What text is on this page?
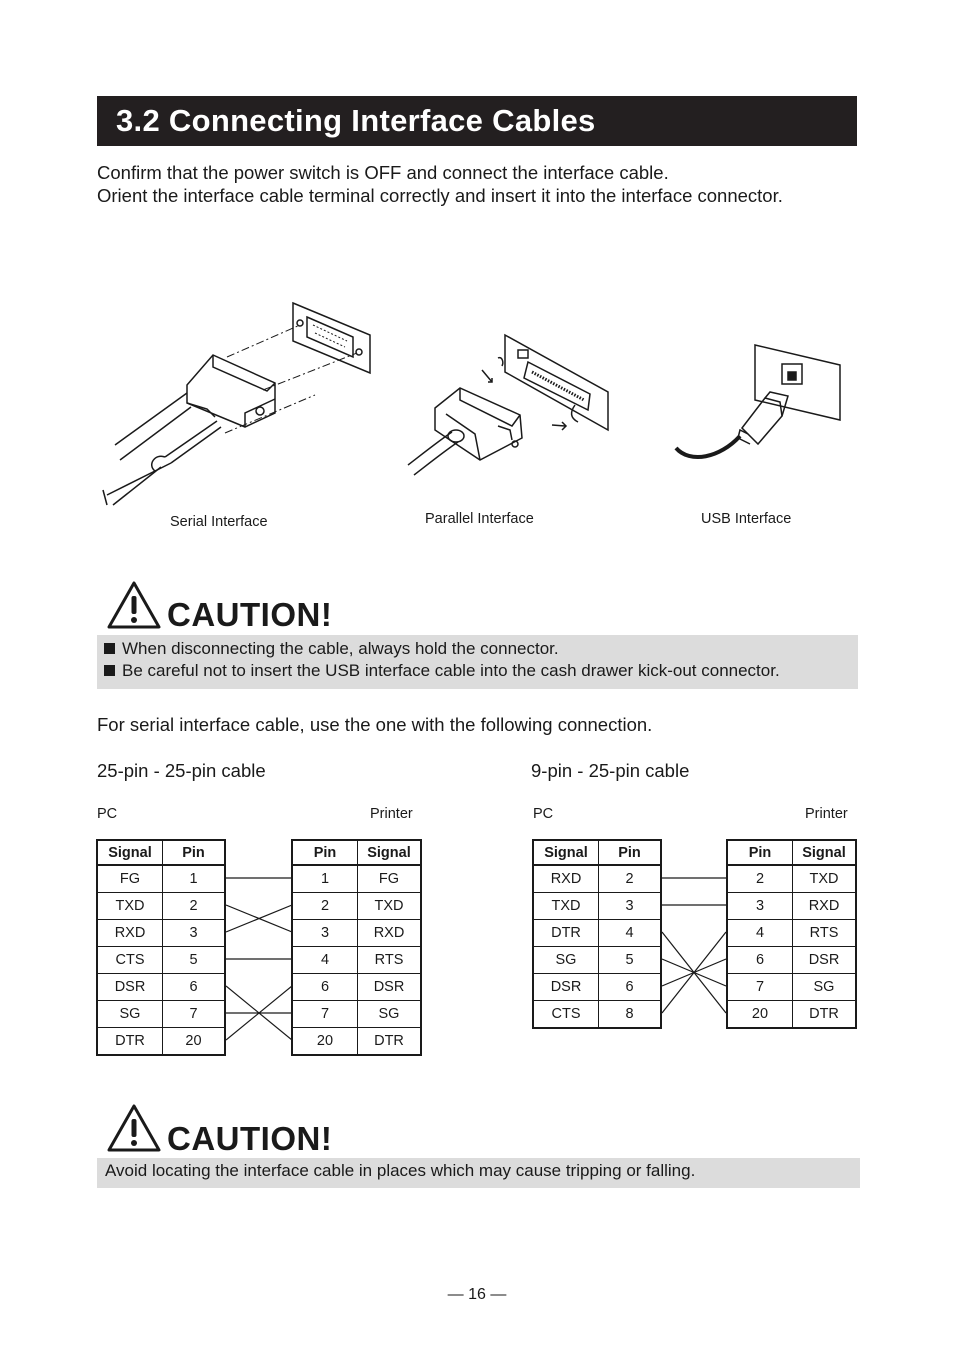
3.2 Connecting Interface Cables

Confirm that the power switch is OFF and connect the interface cable.

Orient the interface cable terminal correctly and insert it into the interface connector.

Serial Interface	Parallel Interface	USB Interface
CAUTION!
When disconnecting the cable, always hold the connector.
Be careful not to insert the USB interface cable into the cash drawer kick-out connector.
For serial interface cable, use the one with the following connection.
25-pin - 25-pin cable
PC	Printer
Signal	Pin
FG	1
TXD	2
RXD	3
CTS	5
DSR	6
SG	7
DTR	20
Pin	Signal
1	FG
2	TXD
3	RXD
4	RTS
6	DSR
7	SG
20	DTR
9-pin - 25-pin cable
PC	Printer
Signal	Pin
RXD	2
TXD	3
DTR	4
SG	5
DSR	6
CTS	8
Pin	Signal
2	TXD
3	RXD
4	RTS
6	DSR
7	SG
20	DTR
CAUTION!
Avoid locating the interface cable in places which may cause tripping or falling.
— 16 —
